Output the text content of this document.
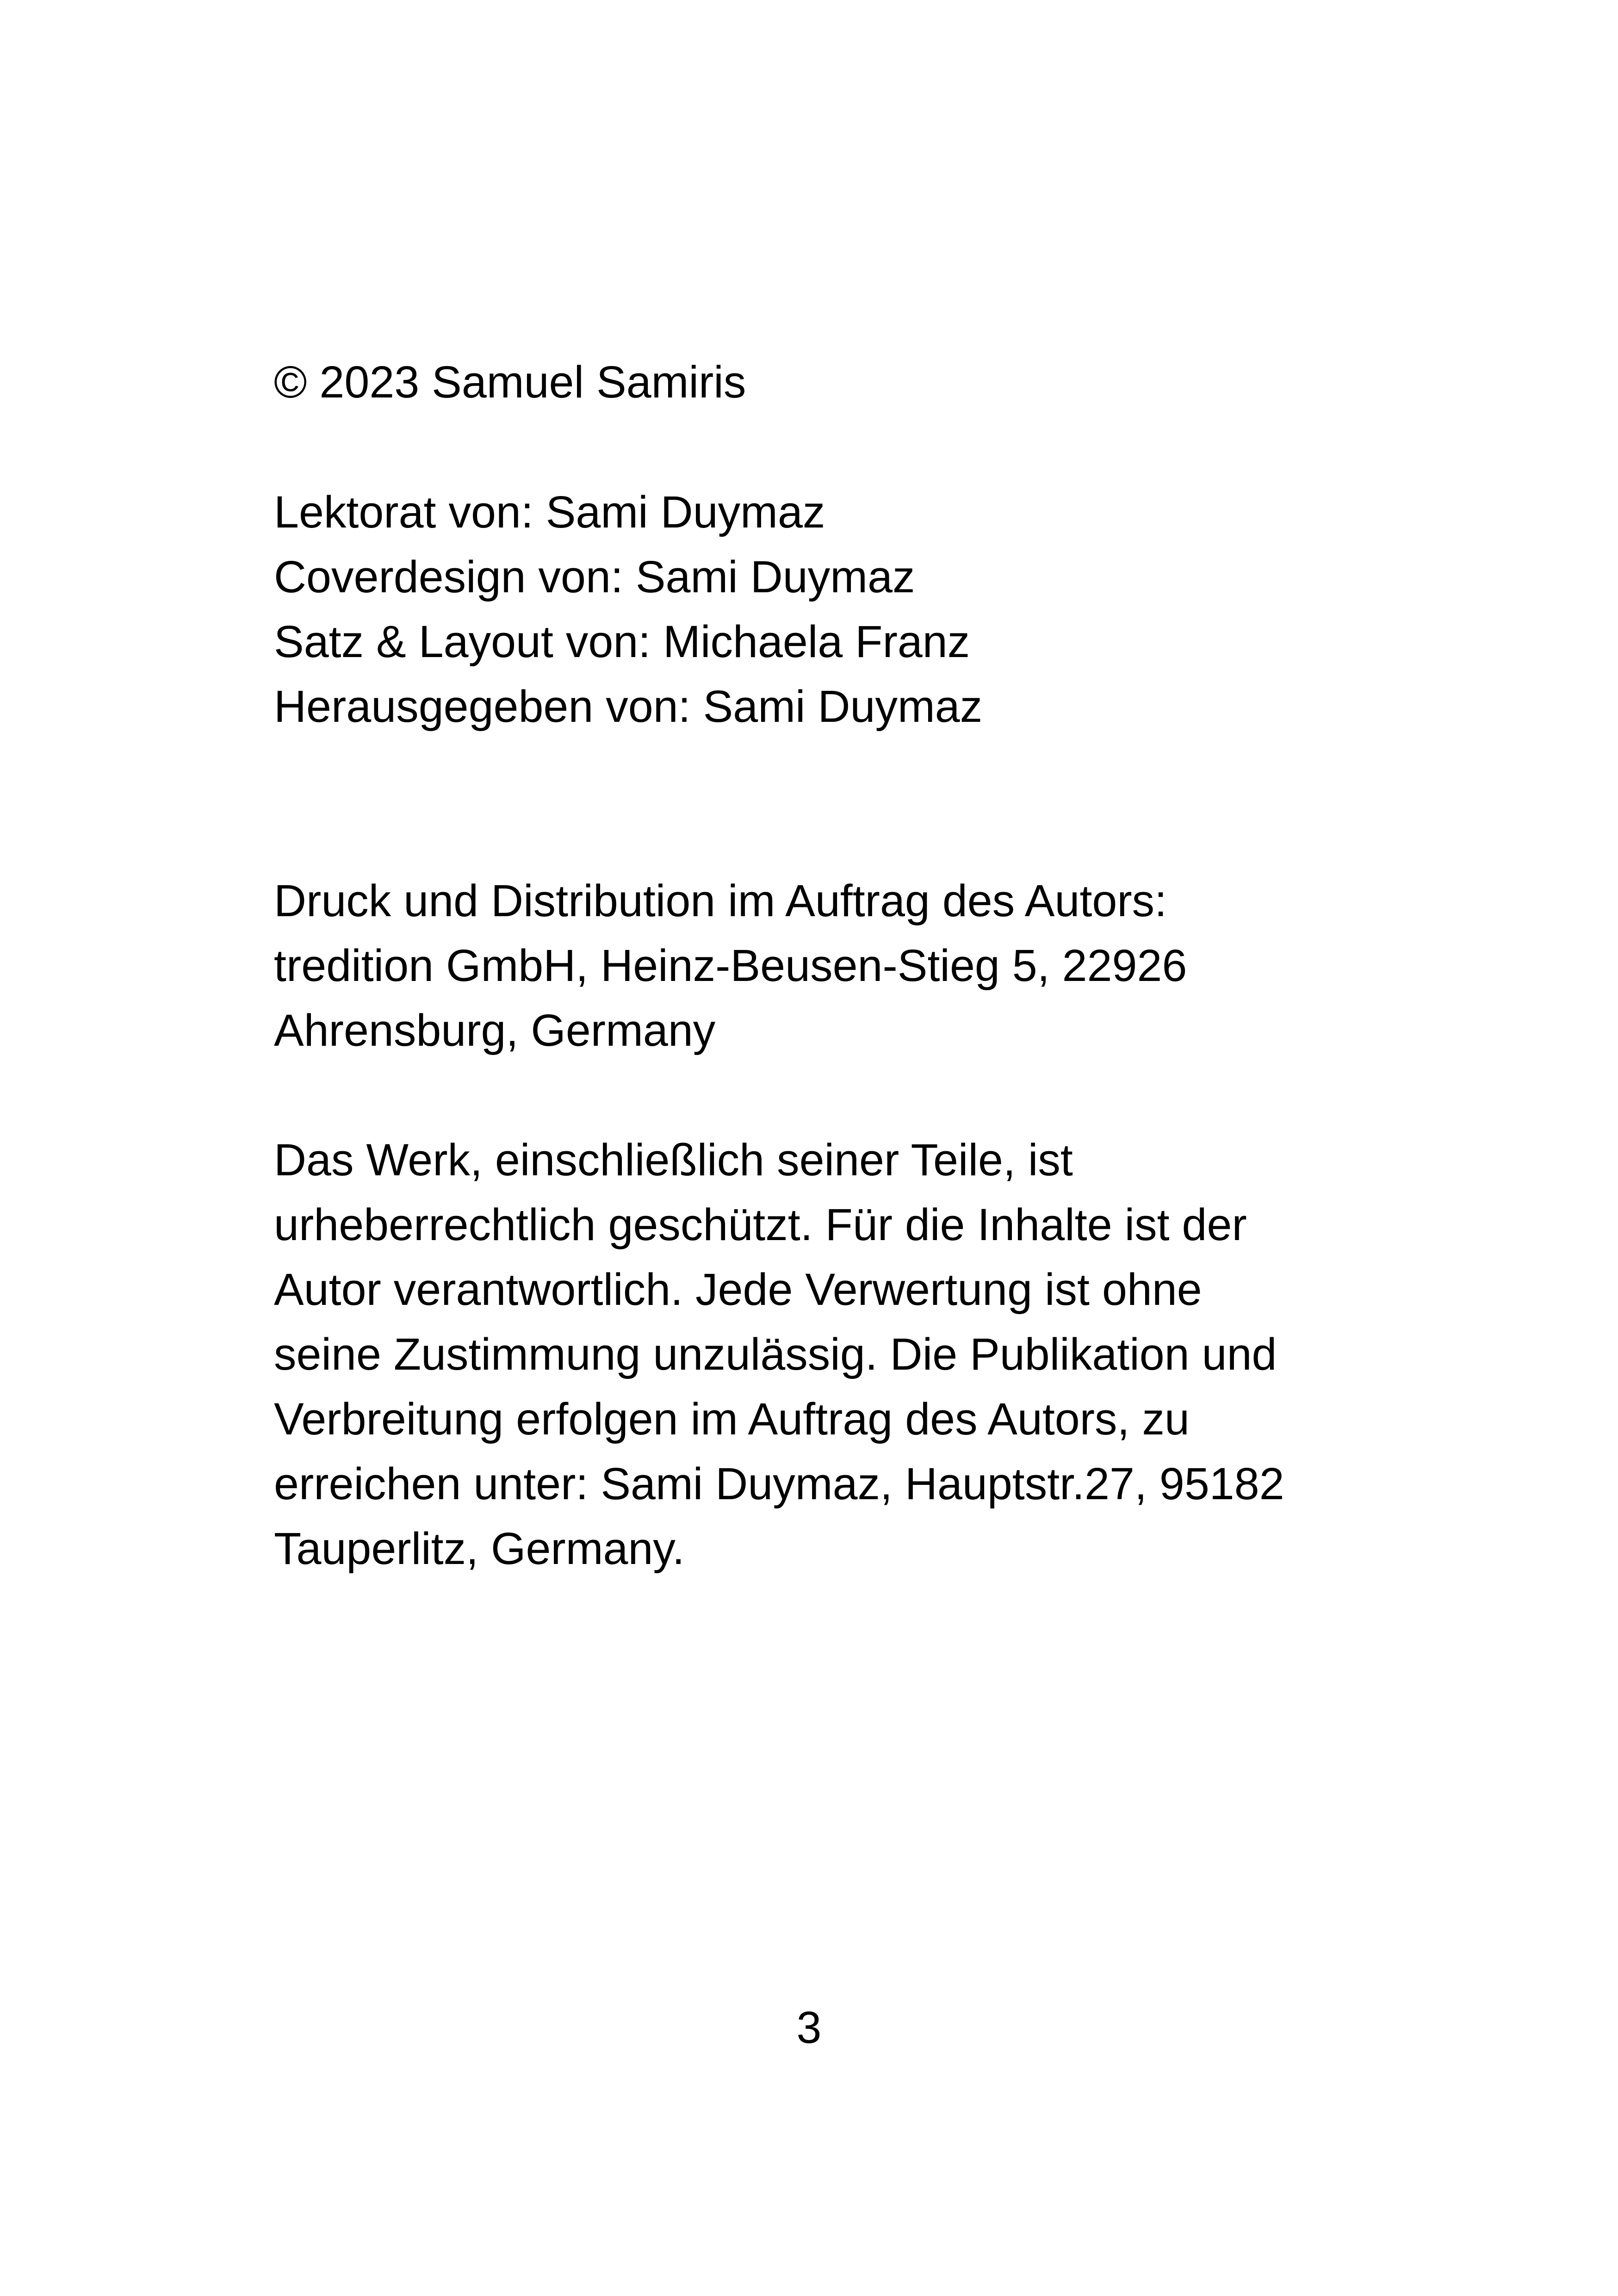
© 2023 Samuel Samiris

Lektorat von: Sami Duymaz
Coverdesign von: Sami Duymaz
Satz & Layout von: Michaela Franz
Herausgegeben von: Sami Duymaz

Druck und Distribution im Auftrag des Autors:
tredition GmbH, Heinz-Beusen-Stieg 5, 22926
Ahrensburg, Germany

Das Werk, einschließlich seiner Teile, ist
urheberrechtlich geschützt. Für die Inhalte ist der
Autor verantwortlich. Jede Verwertung ist ohne
seine Zustimmung unzulässig. Die Publikation und
Verbreitung erfolgen im Auftrag des Autors, zu
erreichen unter: Sami Duymaz, Hauptstr.27, 95182
Tauperlitz, Germany.

3
